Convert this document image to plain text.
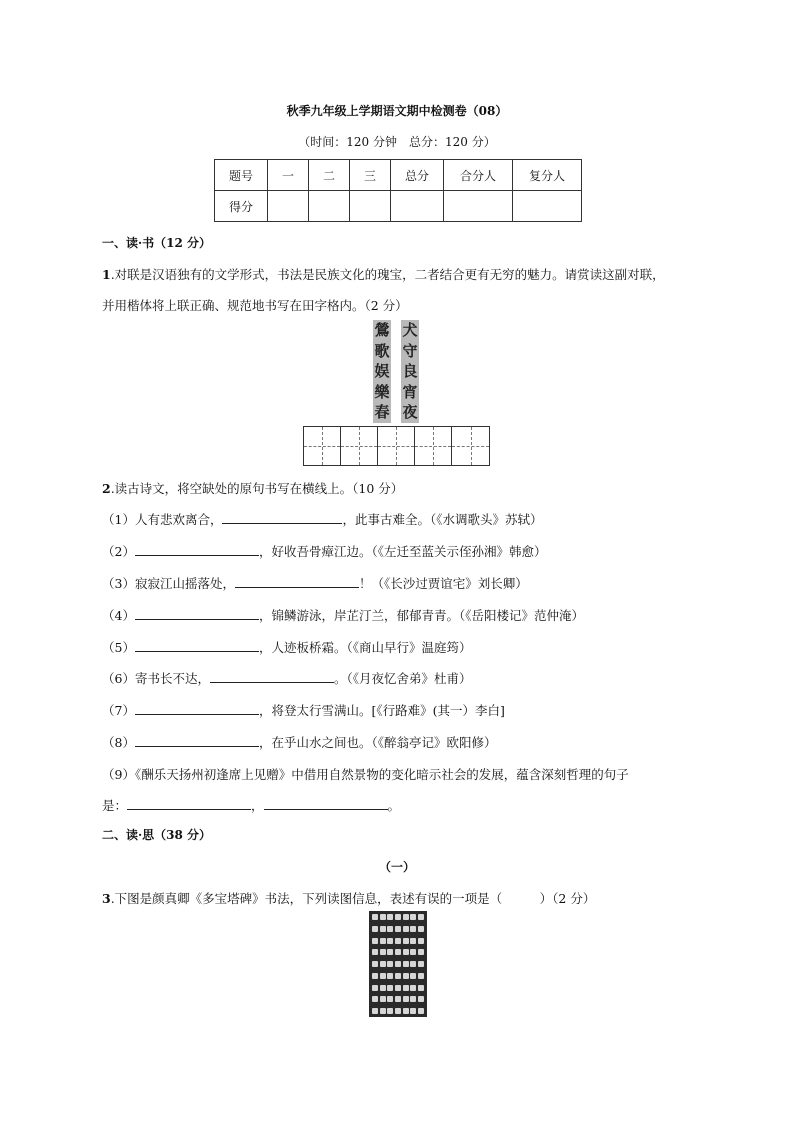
秋季九年级上学期语文期中检测卷（08）
（时间：120 分钟　总分：120 分）
题号	一	二	三	总分	合分人	复分人
得分						
一、读·书（12 分）
1.对联是汉语独有的文学形式，书法是民族文化的瑰宝，二者结合更有无穷的魅力。请赏读这副对联，
并用楷体将上联正确、规范地书写在田字格内。（2 分）
鶯歌娱樂春
犬守良宵夜
2.读古诗文，将空缺处的原句书写在横线上。（10 分）
（1）人有悲欢离合，	，此事古难全。（《水调歌头》苏轼）
（2）	，好收吾骨瘴江边。（《左迁至蓝关示侄孙湘》韩愈）
（3）寂寂江山摇落处，	！（《长沙过贾谊宅》刘长卿）
（4）	，锦鳞游泳，岸芷汀兰，郁郁青青。（《岳阳楼记》范仲淹）
（5）	，人迹板桥霜。（《商山早行》温庭筠）
（6）寄书长不达，	。（《月夜忆舍弟》杜甫）
（7）	，将登太行雪满山。[《行路难》(其一）李白]
（8）	，在乎山水之间也。（《醉翁亭记》欧阳修）
（9）《酬乐天扬州初逢席上见赠》中借用自然景物的变化暗示社会的发展，蕴含深刻哲理的句子
是：	，	。
二、读·思（38 分）
（一）
3.下图是颜真卿《多宝塔碑》书法，下列读图信息，表述有误的一项是（　　　）（2 分）
